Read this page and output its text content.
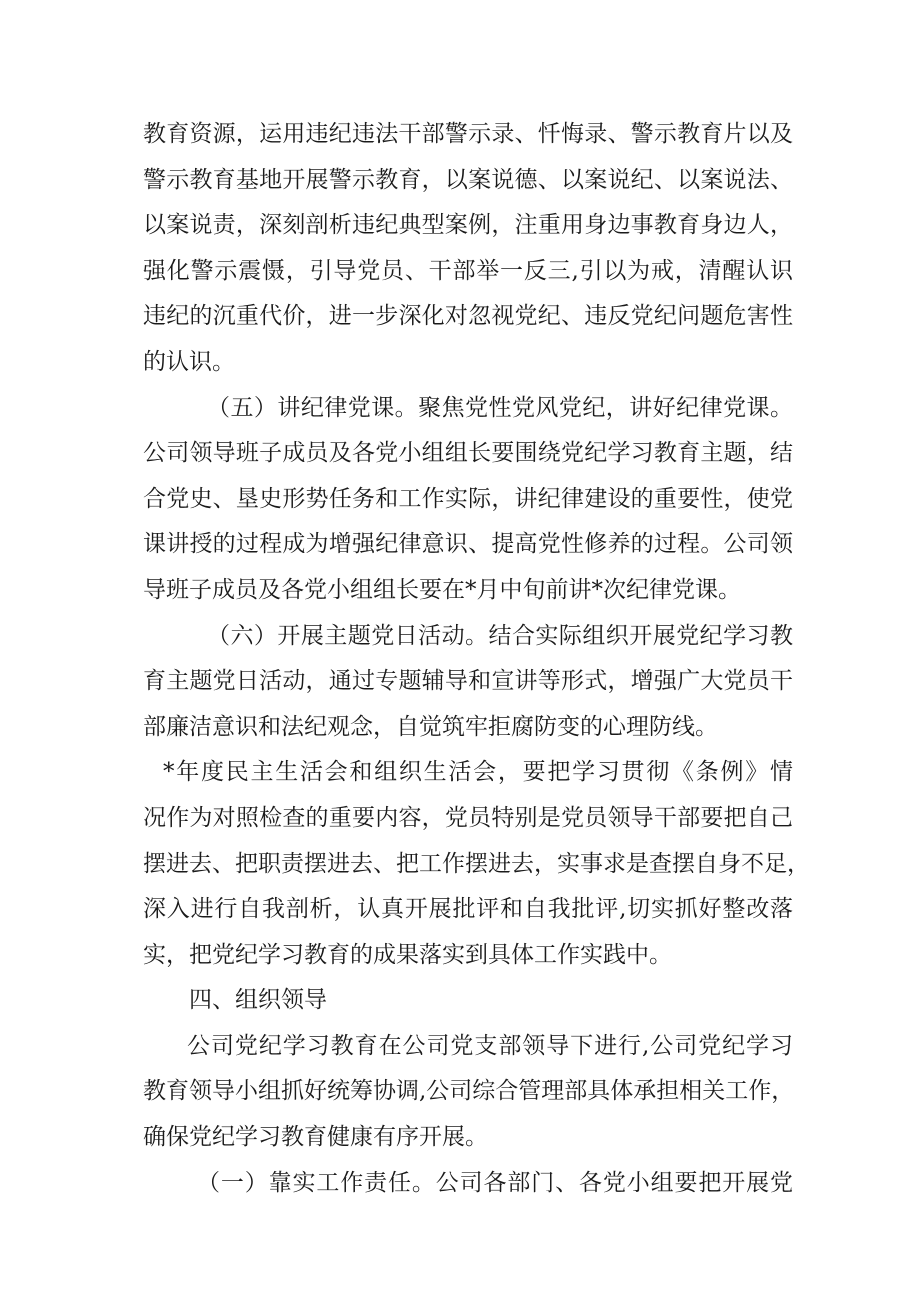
教育资源，运用违纪违法干部警示录、忏悔录、警示教育片以及
警示教育基地开展警示教育，以案说德、以案说纪、以案说法、
以案说责，深刻剖析违纪典型案例，注重用身边事教育身边人，
强化警示震慑，引导党员、干部举一反三,引以为戒，清醒认识
违纪的沉重代价，进一步深化对忽视党纪、违反党纪问题危害性
的认识。
（五）讲纪律党课。聚焦党性党风党纪，讲好纪律党课。
公司领导班子成员及各党小组组长要围绕党纪学习教育主题，结
合党史、垦史形势任务和工作实际，讲纪律建设的重要性，使党
课讲授的过程成为增强纪律意识、提高党性修养的过程。公司领
导班子成员及各党小组组长要在*月中旬前讲*次纪律党课。
（六）开展主题党日活动。结合实际组织开展党纪学习教
育主题党日活动，通过专题辅导和宣讲等形式，增强广大党员干
部廉洁意识和法纪观念，自觉筑牢拒腐防变的心理防线。
*年度民主生活会和组织生活会，要把学习贯彻《条例》情
况作为对照检查的重要内容，党员特别是党员领导干部要把自己
摆进去、把职责摆进去、把工作摆进去，实事求是查摆自身不足，
深入进行自我剖析，认真开展批评和自我批评,切实抓好整改落
实，把党纪学习教育的成果落实到具体工作实践中。
四、组织领导
公司党纪学习教育在公司党支部领导下进行,公司党纪学习
教育领导小组抓好统筹协调,公司综合管理部具体承担相关工作，
确保党纪学习教育健康有序开展。
（一）靠实工作责任。公司各部门、各党小组要把开展党
